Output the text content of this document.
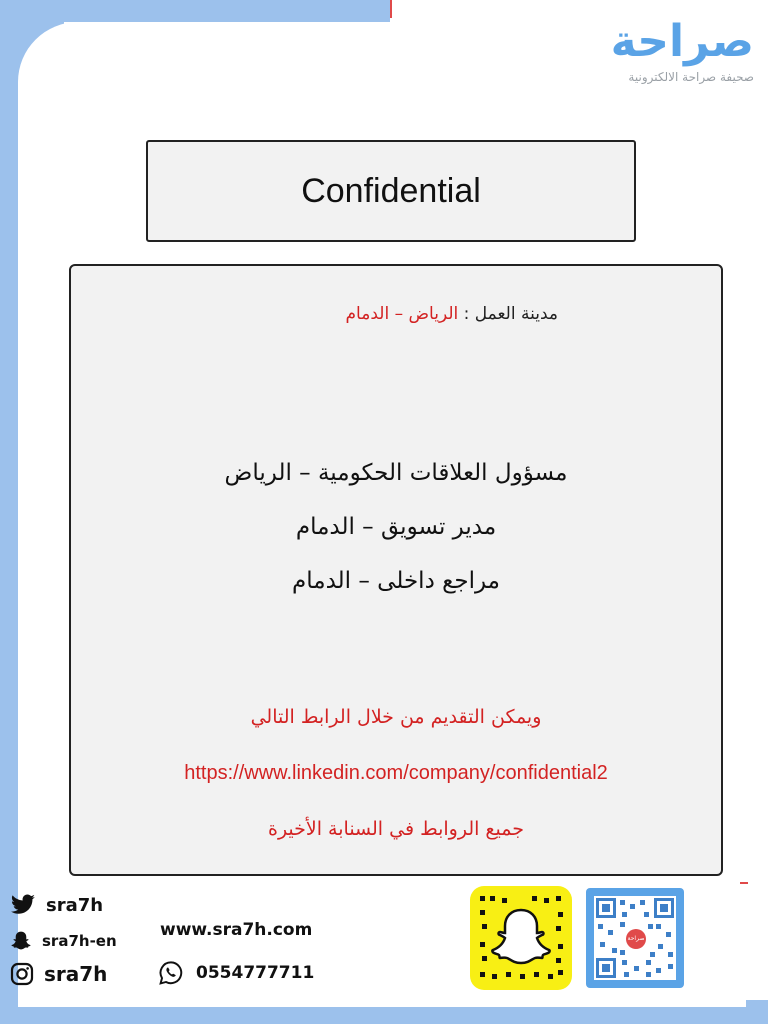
صراحة
صحيفة صراحة الالكترونية
Confidential
مدينة العمل : الرياض – الدمام
مسؤول العلاقات الحكومية – الرياض
مدير تسويق – الدمام
مراجع داخلى – الدمام
ويمكن التقديم من خلال الرابط التالي
https://www.linkedin.com/company/confidential2
جميع الروابط في السنابة الأخيرة
sra7h
sra7h-en
sra7h
www.sra7h.com
0554777711
صراحة
